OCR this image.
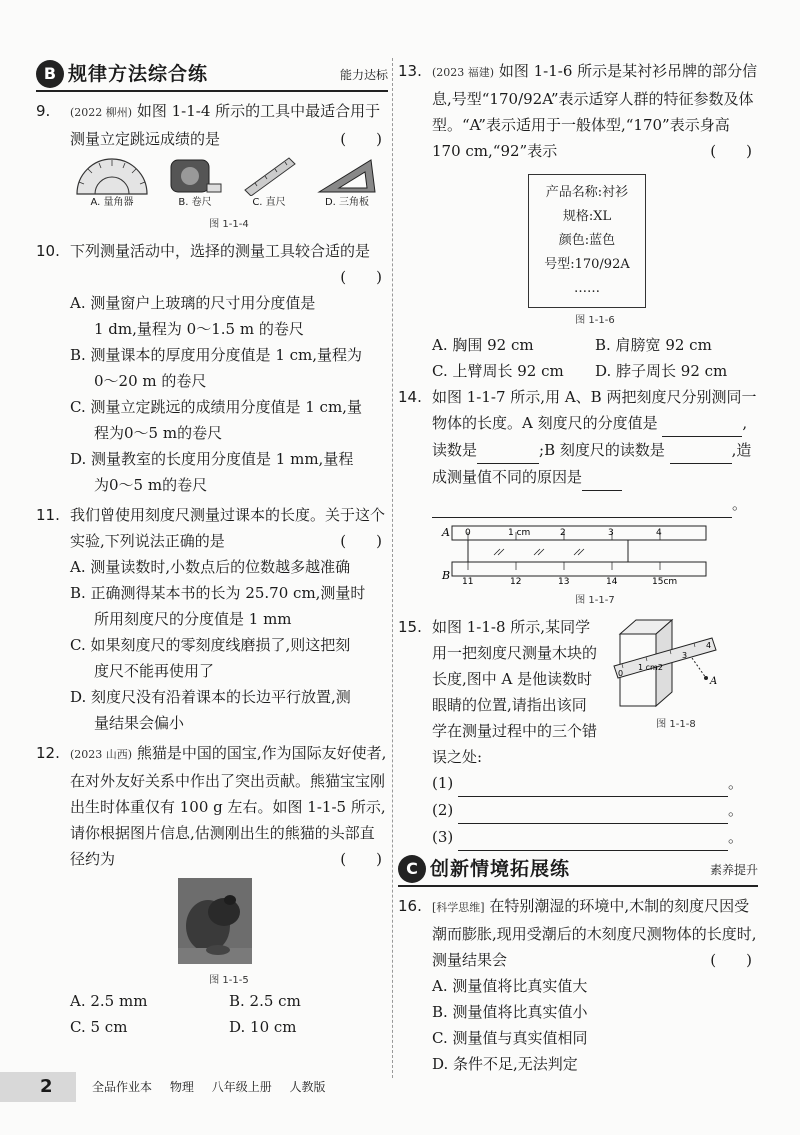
B 规律方法综合练	能力达标
9.	(2022 柳州) 如图 1-1-4 所示的工具中最适合用于测量立定跳远成绩的是	(　　)
A. 量角器	B. 卷尺	C. 直尺	D. 三角板
图 1-1-4
10. 下列测量活动中，选择的测量工具较合适的是
(　　)
A. 测量窗户上玻璃的尺寸用分度值是
1 dm,量程为 0～1.5 m 的卷尺
B. 测量课本的厚度用分度值是 1 cm,量程为
0～20 m 的卷尺
C. 测量立定跳远的成绩用分度值是 1 cm,量
程为0～5 m的卷尺
D. 测量教室的长度用分度值是 1 mm,量程
为0～5 m的卷尺
11. 我们曾使用刻度尺测量过课本的长度。关于这个实验,下列说法正确的是	(　　)
A. 测量读数时,小数点后的位数越多越准确
B. 正确测得某本书的长为 25.70 cm,测量时
所用刻度尺的分度值是 1 mm
C. 如果刻度尺的零刻度线磨损了,则这把刻
度尺不能再使用了
D. 刻度尺没有沿着课本的长边平行放置,测
量结果会偏小
12. (2023 山西) 熊猫是中国的国宝,作为国际友好使者,在对外友好关系中作出了突出贡献。熊猫宝宝刚出生时体重仅有 100 g 左右。如图 1-1-5 所示,请你根据图片信息,估测刚出生的熊猫的头部直径约为	(　　)
图 1-1-5
A. 2.5 mm	B. 2.5 cm
C. 5 cm	D. 10 cm
13. (2023 福建) 如图 1-1-6 所示是某衬衫吊牌的部分信息,号型“170/92A”表示适穿人群的特征参数及体型。“A”表示适用于一般体型,“170”表示身高 170 cm,“92”表示	(　　)
产品名称:衬衫
规格:XL
颜色:蓝色
号型:170/92A
……
图 1-1-6
A. 胸围 92 cm	B. 肩膀宽 92 cm
C. 上臂周长 92 cm	D. 脖子周长 92 cm
14. 如图 1-1-7 所示,用 A、B 两把刻度尺分别测同一物体的长度。A 刻度尺的分度值是	,读数是	;B 刻度尺的读数是	,造成测量值不同的原因是   。
A 0	1 cm	2	3	4
B 11	12	13	14	15cm
图 1-1-7
15. 如图 1-1-8 所示,某同学用一把刻度尺测量木块的长度,图中 A 是他读数时眼睛的位置,请指出该同学在测量过程中的三个错误之处:
0
1 cm2
3
4
A
图 1-1-8
(1)	。
(2)	。
(3)	。
C 创新情境拓展练	素养提升
16. [科学思维] 在特别潮湿的环境中,木制的刻度尺因受潮而膨胀,现用受潮后的木刻度尺测物体的长度时,测量结果会	(　　)
A. 测量值将比真实值大
B. 测量值将比真实值小
C. 测量值与真实值相同
D. 条件不足,无法判定
2	全品作业本 物理 八年级上册 人教版
